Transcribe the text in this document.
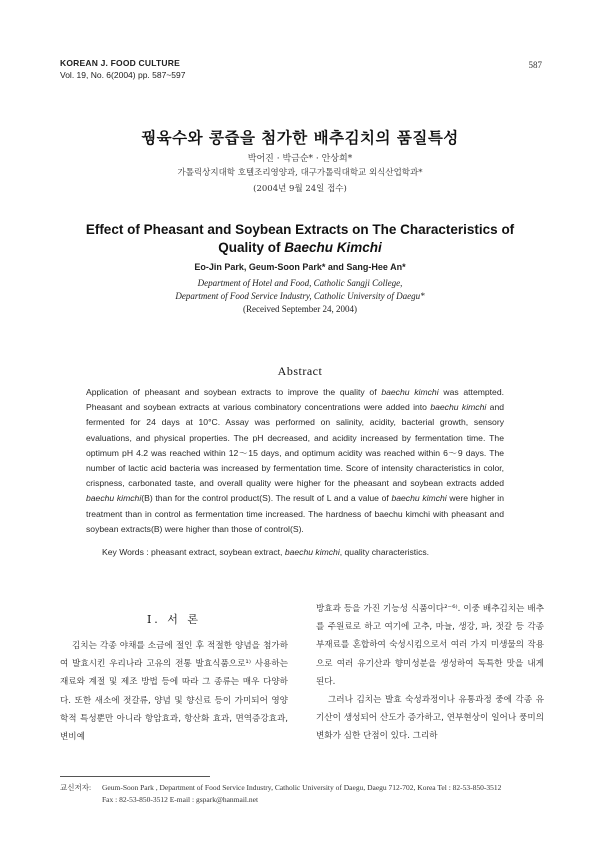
KOREAN J. FOOD CULTURE
Vol. 19, No. 6(2004) pp. 587~597
587
꿩육수와 콩즙을 첨가한 배추김치의 품질특성
박어진 · 박금순* · 안상희*
가톨릭상지대학 호텔조리영양과, 대구가톨릭대학교 외식산업학과*
(2004년 9월 24일 접수)
Effect of Pheasant and Soybean Extracts on The Characteristics of
Quality of Baechu Kimchi
Eo-Jin Park, Geum-Soon Park* and Sang-Hee An*
Department of Hotel and Food, Catholic Sangji College,
Department of Food Service Industry, Catholic University of Daegu*
(Received September 24, 2004)
Abstract
Application of pheasant and soybean extracts to improve the quality of baechu kimchi was attempted. Pheasant and soybean extracts at various combinatory concentrations were added into baechu kimchi and fermented for 24 days at 10°C. Assay was performed on salinity, acidity, bacterial growth, sensory evaluations, and physical properties. The pH decreased, and acidity increased by fermentation time. The optimum pH 4.2 was reached within 12～15 days, and optimum acidity was reached within 6～9 days. The number of lactic acid bacteria was increased by fermentation time. Score of intensity characteristics in color, crispness, carbonated taste, and overall quality were higher for the pheasant and soybean extracts added baechu kimchi(B) than for the control product(S). The result of L and a value of baechu kimchi were higher in treatment than in control as fermentation time increased. The hardness of baechu kimchi with pheasant and soybean extracts(B) were higher than those of control(S).
Key Words : pheasant extract, soybean extract, baechu kimchi, quality characteristics.
I. 서 론
김치는 각종 야채를 소금에 절인 후 적절한 양념을 첨가하여 발효시킨 우리나라 고유의 전통 발효식품으로¹⁾ 사용하는 재료와 계절 및 제조 방법 등에 따라 그 종류는 매우 다양하다. 또한 새소에 젓갈류, 양념 및 향신료 등이 가미되어 영양학적 특성뿐만 아니라 항암효과, 항산화 효과, 면역증강효과, 변비예
방효과 등을 가진 기능성 식품이다²⁻⁶⁾. 이중 배추김치는 배추를 주원료로 하고 여기에 고추, 마늘, 생강, 파, 젓갈 등 각종 부재료를 혼합하여 숙성시킴으로서 여러 가지 미생물의 작용으로 여러 유기산과 향미성분을 생성하여 독특한 맛을 내게 된다.
그러나 김치는 발효 숙성과정이나 유통과정 중에 각종 유기산이 생성되어 산도가 증가하고, 연부현상이 일어나 풍미의 변화가 심한 단점이 있다. 그리하
교신저자: Geum-Soon Park , Department of Food Service Industry, Catholic University of Daegu, Daegu 712-702, Korea Tel : 82-53-850-3512
Fax : 82-53-850-3512 E-mail : gspark@hanmail.net
